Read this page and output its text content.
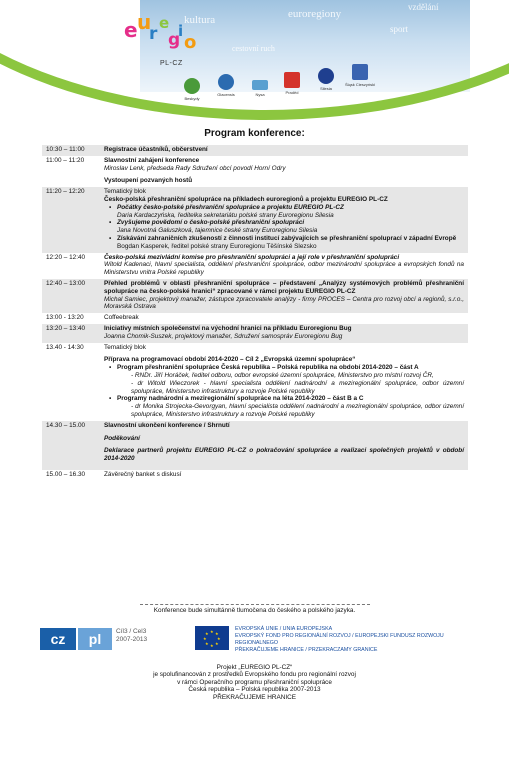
kultura	euroregiony
vzdělání
sport
cestovní ruch
e u
r
e
g
i
o
PL-CZ
Beskydy
Glacensis	Nysa	Praděd
Silesia
Śląsk Cieszyński
Program konference:
10:30 – 11:00	Registrace účastníků, občerstvení
11:00 – 11:20	Slavnostní zahájení konference
Miroslav Lenk, předseda Rady Sdružení obcí povodí Horní Odry
Vystoupení pozvaných hostů
11:20 – 12:20	Tematický blok
Česko-polská přeshraniční spolupráce na příkladech euroregionů a projektu EUREGIO PL-CZ
▪ Počátky česko-polské přeshraniční spolupráce a projektu EUREGIO PL-CZ
Daria Kardaczyńska, ředitelka sekretariátu polské strany Euroregionu Silesia
▪ Zvyšujeme povědomí o česko-polské přeshraniční spolupráci
Jana Novotná Galuszková, tajemnice české strany Euroregionu Silesia
▪ Získávání zahraničních zkušeností z činnosti institucí zabývajících se přeshraniční spoluprací v západní Evropě
Bogdan Kasperek, ředitel polské strany Euroregionu Těšínské Slezsko
12:20 – 12:40	Česko-polská mezivládní komise pro přeshraniční spolupráci a její role v přeshraniční spolupráci
Witold Kadenaci, hlavní specialista, oddělení přeshraniční spolupráce, odbor mezinárodní spolupráce a evropských fondů na Ministerstvu vnitra Polské republiky
12:40 – 13:00	Přehled problémů v oblasti přeshraniční spolupráce – představení „Analýzy systémových problémů přeshraniční spolupráce na česko-polské hranici“ zpracované v rámci projektu EUREGIO PL-CZ
Michal Samiec, projektový manažer, zástupce zpracovatele analýzy - firmy PROCES – Centra pro rozvoj obcí a regionů, s.r.o., Moravská Ostrava
13:00 - 13:20	Coffeebreak
13:20 – 13:40	Iniciativy místních společenství na východní hranici na příkladu Euroregionu Bug
Joanna Chomik-Suszek, projektový manažer, Sdružení samospráv Euroregionu Bug
13.40 - 14:30	Tematický blok
Příprava na programovací období 2014-2020 – Cíl 2 „Evropská územní spolupráce“
▪ Program přeshraniční spolupráce Česká republika – Polská republika na období 2014-2020 – část A
- RNDr. Jiří Horáček, ředitel odboru, odbor evropské územní spolupráce, Ministerstvo pro místní rozvoj ČR,
- dr Witold Wieczorek - hlavní specialista oddělení nadnárodní a meziregionální spolupráce, odbor územní spolupráce, Ministerstvo infrastruktury a rozvoje Polské republiky
▪ Programy nadnárodní a meziregionální spolupráce na léta 2014-2020 – část B a C
- dr Monika Strojecka-Gevorgyan, hlavní specialista oddělení nadnárodní a meziregionální spolupráce, odbor územní spolupráce, Ministerstvo infrastruktury a rozvoje Polské republiky
14.30 – 15.00	Slavnostní ukončení konference / Shrnutí
Poděkování
Deklarace partnerů projektu EUREGIO PL-CZ o pokračování spolupráce a realizaci společných projektů v období 2014-2020
15.00 – 16.30	Závěrečný banket s diskusí
Konference bude simultánně tlumočena do českého a polského jazyka.
cz	pl	Cíl3 / Cel3
2007-2013
★ ★
★
★
★
★
★
★
EVROPSKÁ UNIE / UNIA EUROPEJSKA
EVROPSKÝ FOND PRO REGIONÁLNÍ ROZVOJ / EUROPEJSKI FUNDUSZ ROZWOJU REGIONALNEGO
PŘEKRAČUJEME HRANICE / PRZEKRACZAMY GRANICE
Projekt „EUREGIO PL-CZ“
je spolufinancován z prostředků Evropského fondu pro regionální rozvoj
v rámci Operačního programu přeshraniční spolupráce
Česká republika – Polská republika 2007-2013
PŘEKRAČUJEME HRANICE
